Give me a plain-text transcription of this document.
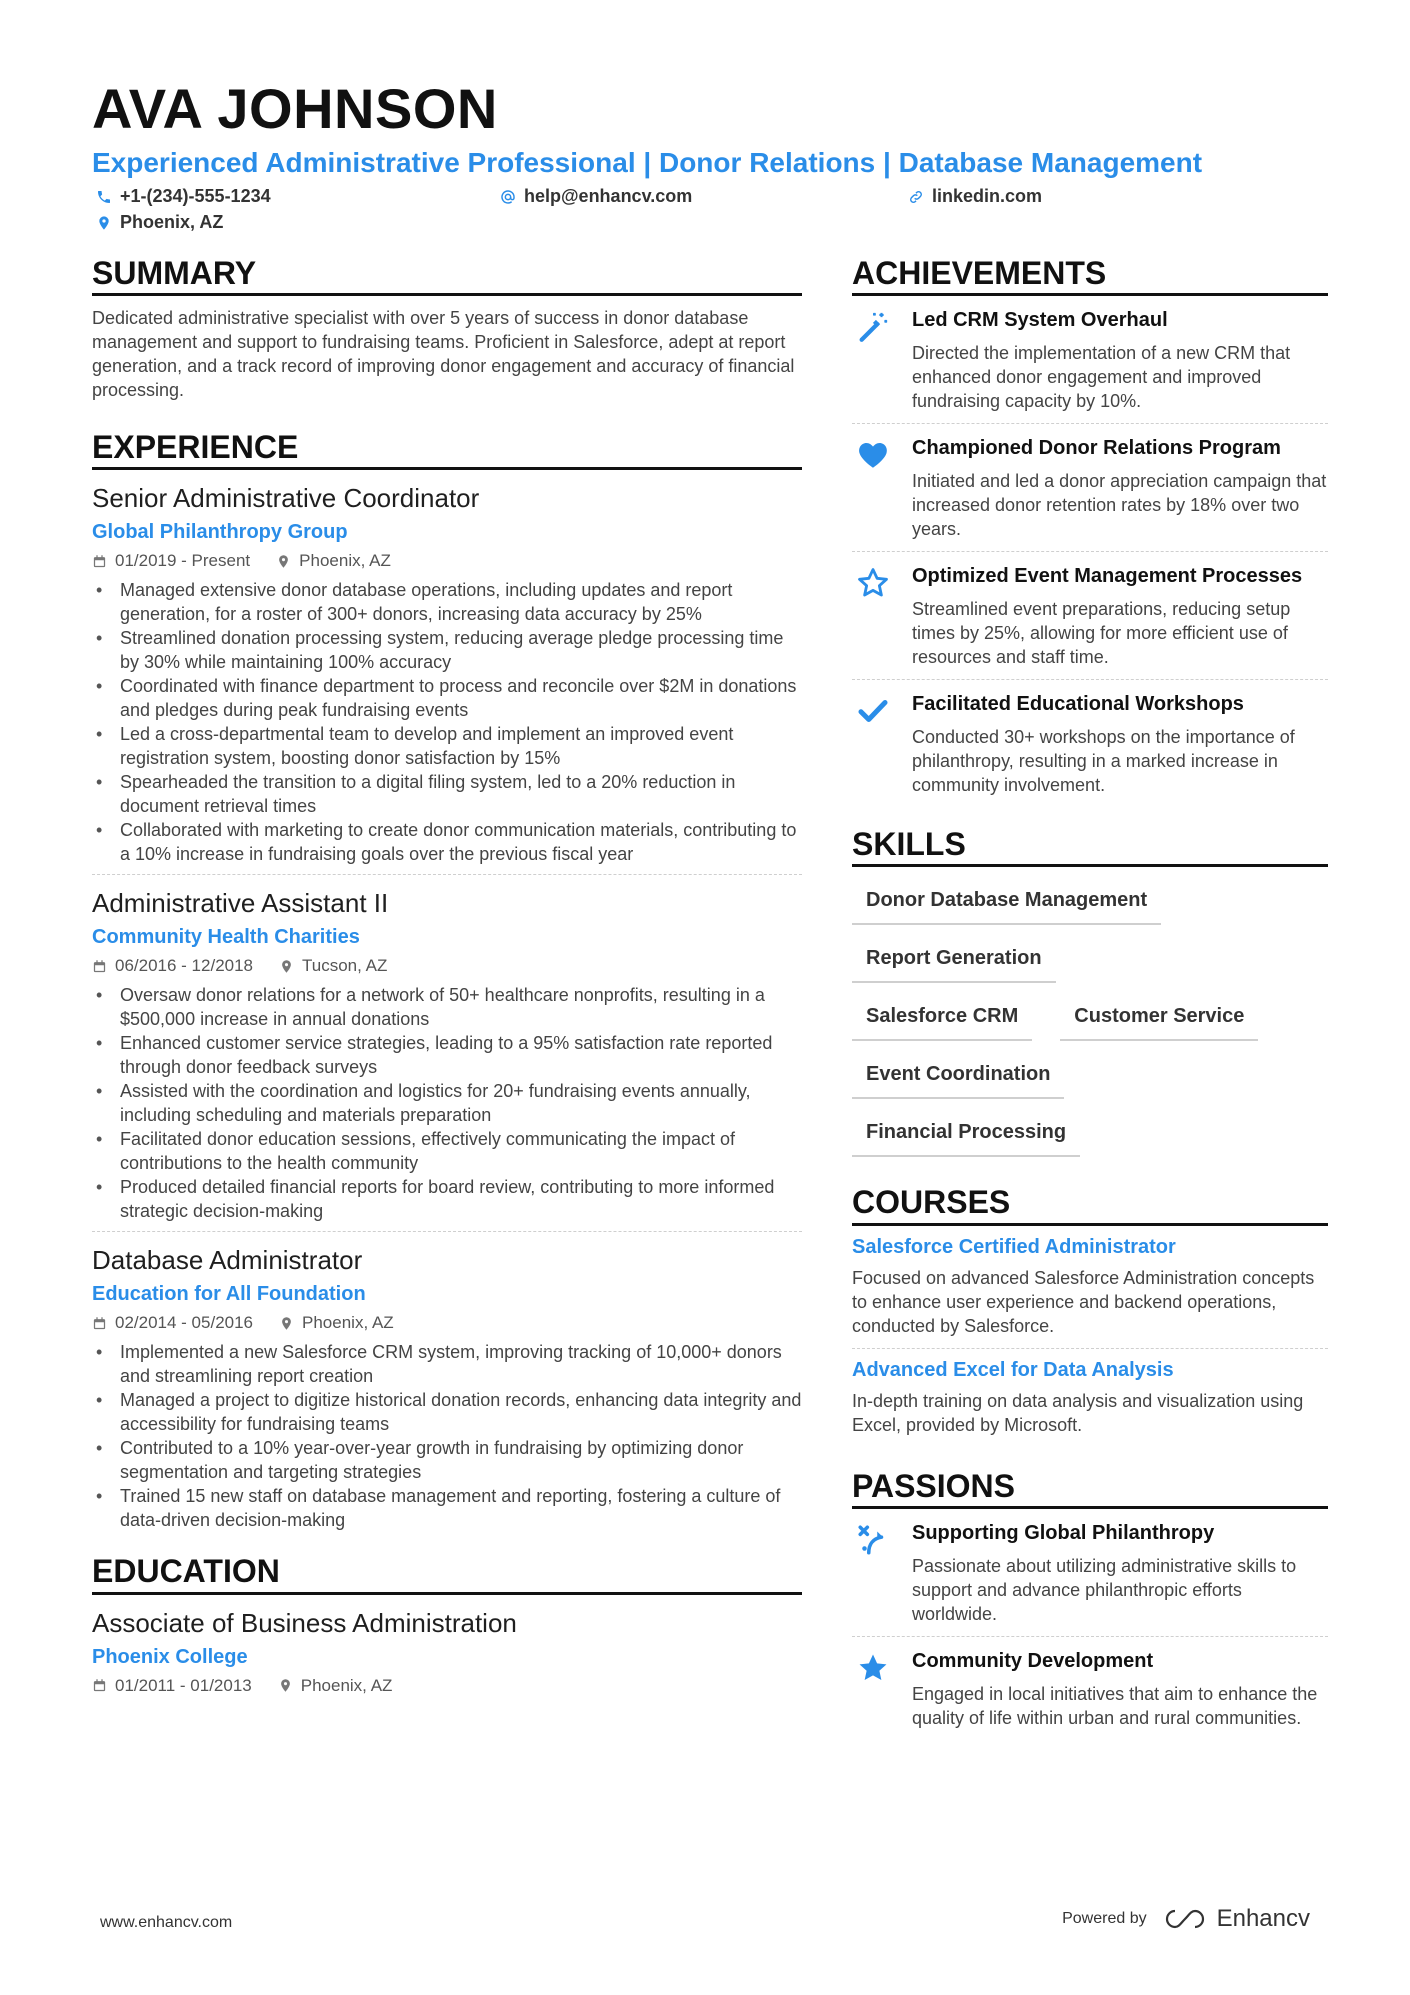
AVA JOHNSON
Experienced Administrative Professional | Donor Relations | Database Management
+1-(234)-555-1234	help@enhancv.com	linkedin.com
Phoenix, AZ
SUMMARY
Dedicated administrative specialist with over 5 years of success in donor database management and support to fundraising teams. Proficient in Salesforce, adept at report generation, and a track record of improving donor engagement and accuracy of financial processing.
EXPERIENCE
Senior Administrative Coordinator
Global Philanthropy Group
01/2019 - Present	Phoenix, AZ
• Managed extensive donor database operations, including updates and report generation, for a roster of 300+ donors, increasing data accuracy by 25%
• Streamlined donation processing system, reducing average pledge processing time by 30% while maintaining 100% accuracy
• Coordinated with finance department to process and reconcile over $2M in donations and pledges during peak fundraising events
• Led a cross-departmental team to develop and implement an improved event registration system, boosting donor satisfaction by 15%
• Spearheaded the transition to a digital filing system, led to a 20% reduction in document retrieval times
• Collaborated with marketing to create donor communication materials, contributing to a 10% increase in fundraising goals over the previous fiscal year
Administrative Assistant II
Community Health Charities
06/2016 - 12/2018	Tucson, AZ
• Oversaw donor relations for a network of 50+ healthcare nonprofits, resulting in a $500,000 increase in annual donations
• Enhanced customer service strategies, leading to a 95% satisfaction rate reported through donor feedback surveys
• Assisted with the coordination and logistics for 20+ fundraising events annually, including scheduling and materials preparation
• Facilitated donor education sessions, effectively communicating the impact of contributions to the health community
• Produced detailed financial reports for board review, contributing to more informed strategic decision-making
Database Administrator
Education for All Foundation
02/2014 - 05/2016	Phoenix, AZ
• Implemented a new Salesforce CRM system, improving tracking of 10,000+ donors and streamlining report creation
• Managed a project to digitize historical donation records, enhancing data integrity and accessibility for fundraising teams
• Contributed to a 10% year-over-year growth in fundraising by optimizing donor segmentation and targeting strategies
• Trained 15 new staff on database management and reporting, fostering a culture of data-driven decision-making
EDUCATION
Associate of Business Administration
Phoenix College
01/2011 - 01/2013	Phoenix, AZ
ACHIEVEMENTS
Led CRM System Overhaul
Directed the implementation of a new CRM that enhanced donor engagement and improved fundraising capacity by 10%.
Championed Donor Relations Program
Initiated and led a donor appreciation campaign that increased donor retention rates by 18% over two years.
Optimized Event Management Processes
Streamlined event preparations, reducing setup times by 25%, allowing for more efficient use of resources and staff time.
Facilitated Educational Workshops
Conducted 30+ workshops on the importance of philanthropy, resulting in a marked increase in community involvement.
SKILLS
Donor Database Management
Report Generation
Salesforce CRM	Customer Service
Event Coordination
Financial Processing
COURSES
Salesforce Certified Administrator
Focused on advanced Salesforce Administration concepts to enhance user experience and backend operations, conducted by Salesforce.
Advanced Excel for Data Analysis
In-depth training on data analysis and visualization using Excel, provided by Microsoft.
PASSIONS
Supporting Global Philanthropy
Passionate about utilizing administrative skills to support and advance philanthropic efforts worldwide.
Community Development
Engaged in local initiatives that aim to enhance the quality of life within urban and rural communities.
www.enhancv.com	Powered by	Enhancv
